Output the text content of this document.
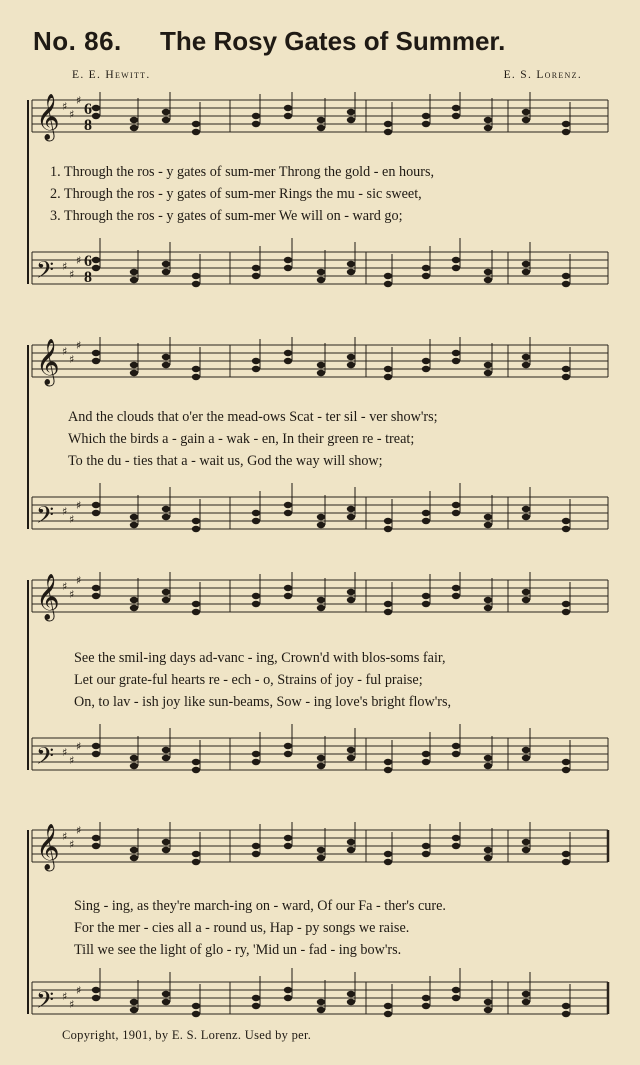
No. 86. The Rosy Gates of Summer.
E. E. Hewitt.	E. S. Lorenz.
𝄞 ♯
♯
♯
𝄢 ♯
♯
♯
6
6
8
8
1. Through the ros - y gates of sum-mer Throng the gold - en hours,
2. Through the ros - y gates of sum-mer Rings the mu - sic sweet,
3. Through the ros - y gates of sum-mer We will on - ward go;
𝄞 ♯
♯
♯
𝄢 ♯
♯
♯
And the clouds that o'er the mead-ows Scat - ter sil - ver show'rs;
Which the birds a - gain a - wak - en, In their green re - treat;
To the du - ties that a - wait us, God the way will show;
𝄞 ♯
♯
♯
𝄢 ♯
♯
♯
See the smil-ing days ad-vanc - ing, Crown'd with blos-soms fair,
Let our grate-ful hearts re - ech - o, Strains of joy - ful praise;
On, to lav - ish joy like sun-beams, Sow - ing love's bright flow'rs,
𝄞 ♯
♯
♯
𝄢 ♯
♯
♯
Sing - ing, as they're march-ing on - ward, Of our Fa - ther's cure.
For the mer - cies all a - round us, Hap - py songs we raise.
Till we see the light of glo - ry, 'Mid un - fad - ing bow'rs.
Copyright, 1901, by E. S. Lorenz. Used by per.
